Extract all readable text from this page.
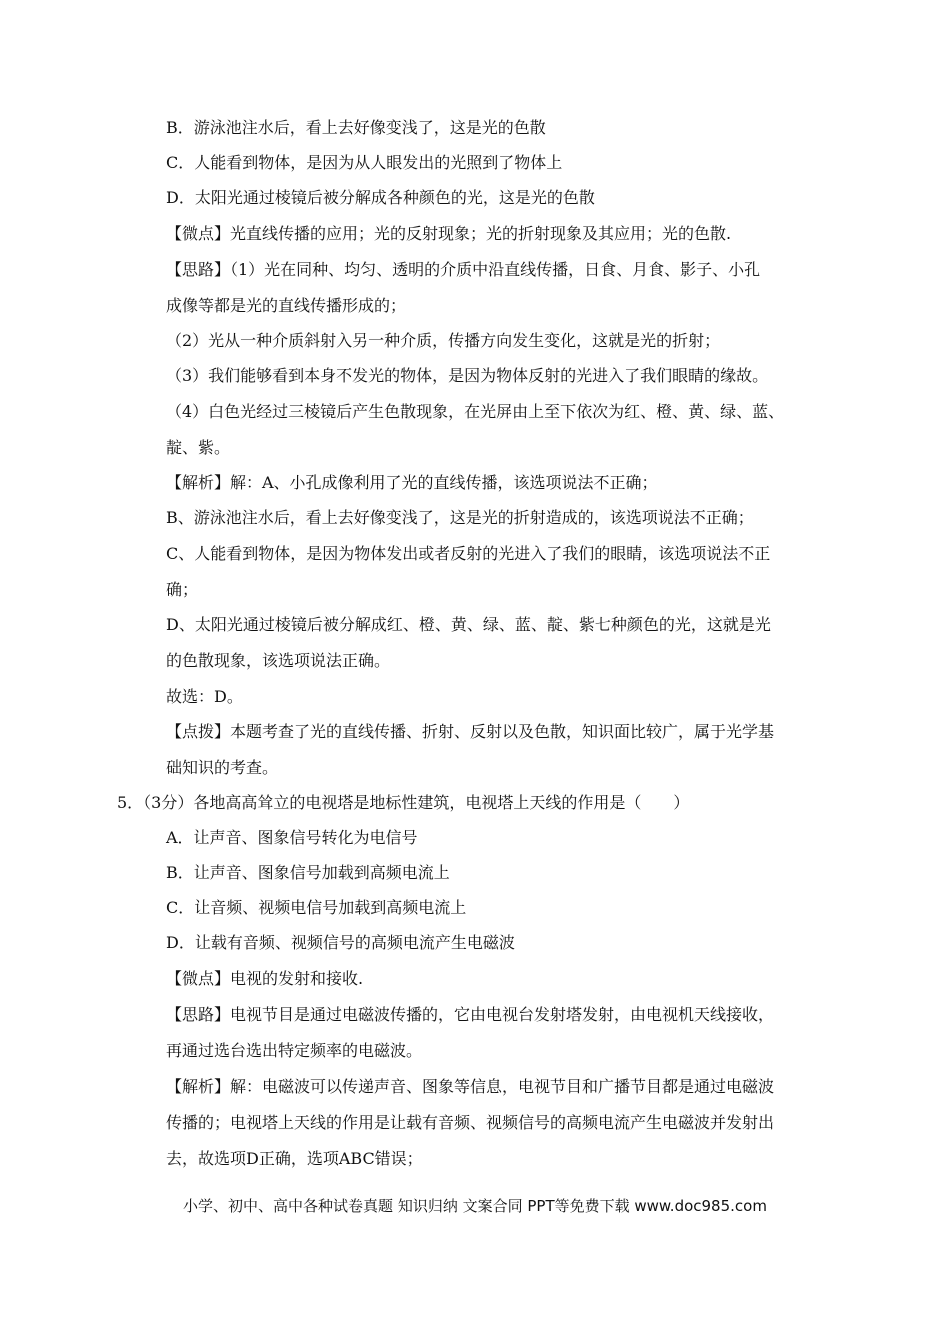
B．游泳池注水后，看上去好像变浅了，这是光的色散
C．人能看到物体，是因为从人眼发出的光照到了物体上
D．太阳光通过棱镜后被分解成各种颜色的光，这是光的色散
【微点】光直线传播的应用；光的反射现象；光的折射现象及其应用；光的色散.
【思路】（1）光在同种、均匀、透明的介质中沿直线传播，日食、月食、影子、小孔
成像等都是光的直线传播形成的；
（2）光从一种介质斜射入另一种介质，传播方向发生变化，这就是光的折射；
（3）我们能够看到本身不发光的物体，是因为物体反射的光进入了我们眼睛的缘故。
（4）白色光经过三棱镜后产生色散现象，在光屏由上至下依次为红、橙、黄、绿、蓝、
靛、紫。
【解析】解：A、小孔成像利用了光的直线传播，该选项说法不正确；
B、游泳池注水后，看上去好像变浅了，这是光的折射造成的，该选项说法不正确；
C、人能看到物体，是因为物体发出或者反射的光进入了我们的眼睛，该选项说法不正
确；
D、太阳光通过棱镜后被分解成红、橙、黄、绿、蓝、靛、紫七种颜色的光，这就是光
的色散现象，该选项说法正确。
故选：D。
【点拨】本题考查了光的直线传播、折射、反射以及色散，知识面比较广，属于光学基
础知识的考查。
5．（3分）各地高高耸立的电视塔是地标性建筑，电视塔上天线的作用是（　　）
A．让声音、图象信号转化为电信号
B．让声音、图象信号加载到高频电流上
C．让音频、视频电信号加载到高频电流上
D．让载有音频、视频信号的高频电流产生电磁波
【微点】电视的发射和接收.
【思路】电视节目是通过电磁波传播的，它由电视台发射塔发射，由电视机天线接收，
再通过选台选出特定频率的电磁波。
【解析】解：电磁波可以传递声音、图象等信息，电视节目和广播节目都是通过电磁波
传播的；电视塔上天线的作用是让载有音频、视频信号的高频电流产生电磁波并发射出
去，故选项D正确，选项ABC错误；
小学、初中、高中各种试卷真题 知识归纳 文案合同 PPT等免费下载 www.doc985.com
